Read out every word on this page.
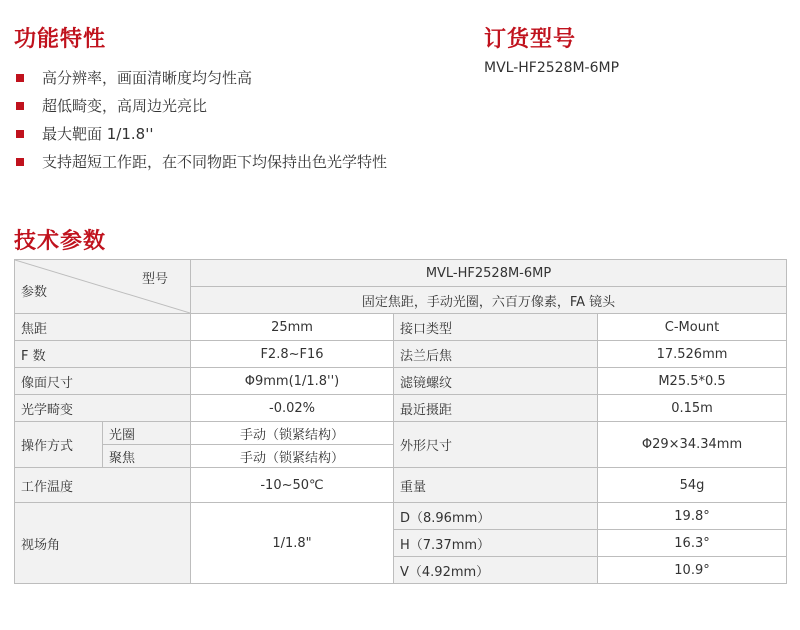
功能特性
高分辨率，画面清晰度均匀性高
超低畸变，高周边光亮比
最大靶面 1/1.8''
支持超短工作距，在不同物距下均保持出色光学特性
订货型号
MVL-HF2528M-6MP
技术参数
型号
参数		MVL-HF2528M-6MP		
		固定焦距，手动光圈，六百万像素，FA 镜头		
焦距		25mm	接口类型	C-Mount
F 数		F2.8~F16	法兰后焦	17.526mm
像面尺寸		Φ9mm(1/1.8'')	滤镜螺纹	M25.5*0.5
光学畸变		-0.02%	最近摄距	0.15m
操作方式	光圈	手动（锁紧结构）	外形尺寸	Φ29×34.34mm
	聚焦	手动（锁紧结构）		
工作温度		-10~50℃	重量	54g
视场角		1/1.8"	D（8.96mm）	19.8°
			H（7.37mm）	16.3°
			V（4.92mm）	10.9°
